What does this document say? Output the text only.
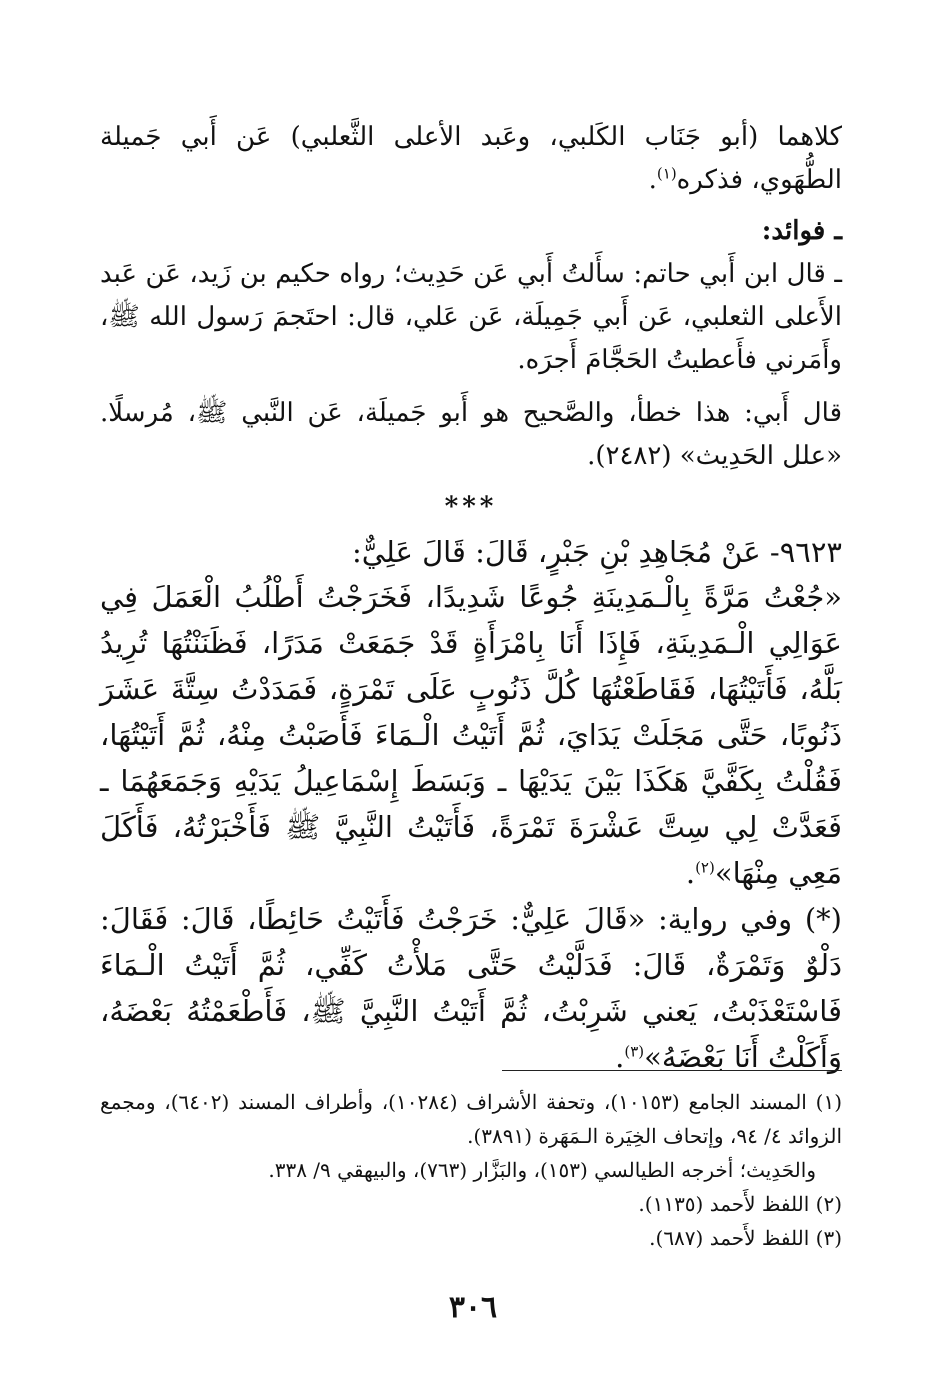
كلاهما (أبو جَنَاب الكَلبي، وعَبد الأعلى الثَّعلبي) عَن أَبي جَميلة الطُّهَوي، فذكره$^{(١)}$.

ـ فوائد:

ـ قال ابن أَبي حاتم: سأَلتُ أَبي عَن حَدِيث؛ رواه حكيم بن زَيد، عَن عَبد الأَعلى الثعلبي، عَن أَبي جَمِيلَة، عَن عَلي، قال: احتَجمَ رَسول الله ﷺ، وأَمَرني فأَعطيتُ الحَجَّامَ أَجرَه.

قال أَبي: هذا خطأ، والصَّحيح هو أَبو جَميلَة، عَن النَّبي ﷺ، مُرسلًا. «علل الحَدِيث» (٢٤٨٢).

***
٩٦٢٣- عَنْ مُجَاهِدِ بْنِ جَبْرٍ، قَالَ: قَالَ عَلِيٌّ:

«جُعْتُ مَرَّةً بِالْـمَدِينَةِ جُوعًا شَدِيدًا، فَخَرَجْتُ أَطْلُبُ الْعَمَلَ فِي عَوَالِي الْـمَدِينَةِ، فَإِذَا أَنَا بِامْرَأَةٍ قَدْ جَمَعَتْ مَدَرًا، فَظَنَنْتُهَا تُرِيدُ بَلَّهُ، فَأَتَيْتُهَا، فَقَاطَعْتُهَا كُلَّ ذَنُوبٍ عَلَى تَمْرَةٍ، فَمَدَدْتُ سِتَّةَ عَشَرَ ذَنُوبًا، حَتَّى مَجَلَتْ يَدَايَ، ثُمَّ أَتَيْتُ الْـمَاءَ فَأَصَبْتُ مِنْهُ، ثُمَّ أَتَيْتُهَا، فَقُلْتُ بِكَفَّيَّ هَكَذَا بَيْنَ يَدَيْهَا ـ وَبَسَطَ إِسْمَاعِيلُ يَدَيْهِ وَجَمَعَهُمَا ـ فَعَدَّتْ لِي سِتَّ عَشْرَةَ تَمْرَةً، فَأَتَيْتُ النَّبِيَّ ﷺ فَأَخْبَرْتُهُ، فَأَكَلَ مَعِي مِنْهَا»$^{(٢)}$.

(*) وفي رواية: «قَالَ عَلِيٌّ: خَرَجْتُ فَأَتَيْتُ حَائِطًا، قَالَ: فَقَالَ: دَلْوٌ وَتَمْرَةٌ، قَالَ: فَدَلَّيْتُ حَتَّى مَلأْتُ كَفِّي، ثُمَّ أَتَيْتُ الْـمَاءَ فَاسْتَعْذَبْتُ، يَعني شَرِبْتُ، ثُمَّ أَتَيْتُ النَّبِيَّ ﷺ، فَأَطْعَمْتُهُ بَعْضَهُ، وَأَكَلْتُ أَنَا بَعْضَهُ»$^{(٣)}$.

(١) المسند الجامع (١٠١٥٣)، وتحفة الأشراف (١٠٢٨٤)، وأطراف المسند (٦٤٠٢)، ومجمع الزوائد ٤/ ٩٤، وإتحاف الخِيَرة الـمَهَرة (٣٨٩١).

والحَدِيث؛ أخرجه الطيالسي (١٥٣)، والبَزَّار (٧٦٣)، والبيهقي ٩/ ٣٣٨.

(٢) اللفظ لأَحمد (١١٣٥).

(٣) اللفظ لأَحمد (٦٨٧).

٣٠٦
